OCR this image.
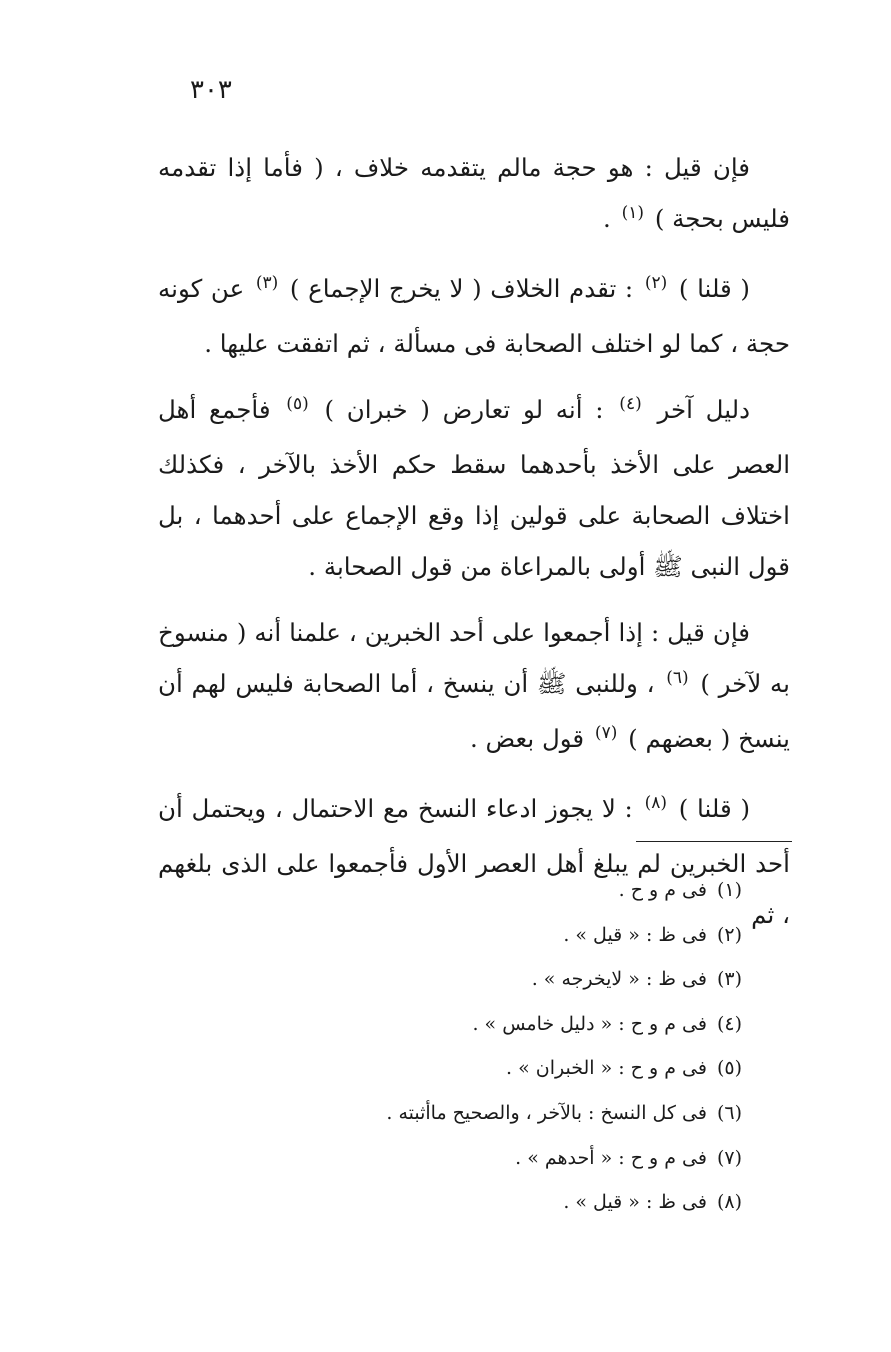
٣٠٣

فإن قيل : هو حجة مالم يتقدمه خلاف ، ( فأما إذا تقدمه فليس بحجة ) $^{(١)}$ .

( قلنا ) $^{(٢)}$ : تقدم الخلاف ( لا يخرج الإجماع ) $^{(٣)}$ عن كونه حجة ، كما لو اختلف الصحابة فى مسألة ، ثم اتفقت عليها .

دليل آخر $^{(٤)}$ : أنه لو تعارض ( خبران ) $^{(٥)}$ فأجمع أهل العصر على الأخذ بأحدهما سقط حكم الأخذ بالآخر ، فكذلك اختلاف الصحابة على قولين إذا وقع الإجماع على أحدهما ، بل قول النبى ﷺ أولى بالمراعاة من قول الصحابة .

فإن قيل : إذا أجمعوا على أحد الخبرين ، علمنا أنه ( منسوخ به لآخر ) $^{(٦)}$ ، وللنبى ﷺ أن ينسخ ، أما الصحابة فليس لهم أن ينسخ ( بعضهم ) $^{(٧)}$ قول بعض .

( قلنا ) $^{(٨)}$ : لا يجوز ادعاء النسخ مع الاحتمال ، ويحتمل أن أحد الخبرين لم يبلغ أهل العصر الأول فأجمعوا على الذى بلغهم ، ثم

(١)فى م و ح .
(٢)فى ظ : « قيل » .
(٣)فى ظ : « لايخرجه » .
(٤)فى م و ح : « دليل خامس » .
(٥)فى م و ح : « الخبران » .
(٦)فى كل النسخ : بالآخر ، والصحيح ماأثبته .
(٧)فى م و ح : « أحدهم » .
(٨)فى ظ : « قيل » .
